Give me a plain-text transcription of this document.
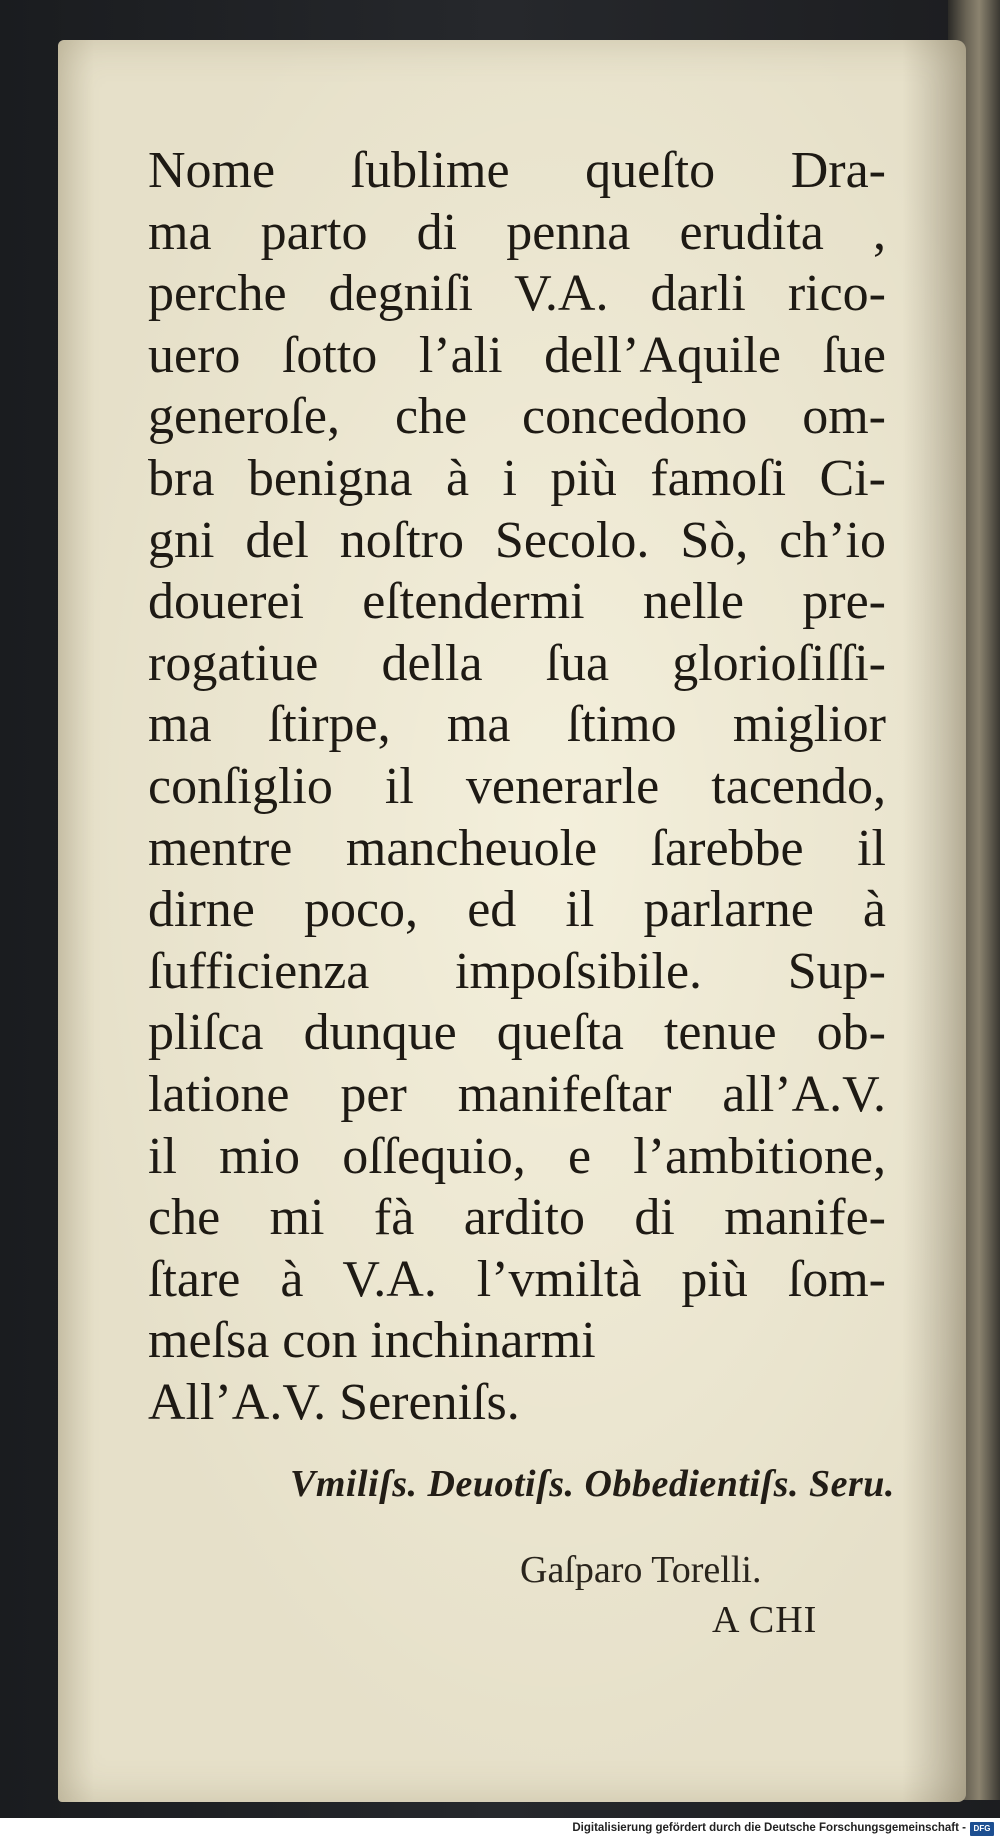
Nome ſublime queſto Dra-
ma parto di penna erudita ,
perche degniſi V.A. darli rico-
uero ſotto l’ali dell’Aquile ſue
generoſe, che concedono om-
bra benigna à i più famoſi Ci-
gni del noſtro Secolo. Sò, ch’io
douerei eſtendermi nelle pre-
rogatiue della ſua glorioſiſſi-
ma ſtirpe, ma ſtimo miglior
conſiglio il venerarle tacendo,
mentre mancheuole ſarebbe il
dirne poco, ed il parlarne à
ſufficienza impoſsibile. Sup-
pliſca dunque queſta tenue ob-
latione per manifeſtar all’A.V.
il mio oſſequio, e l’ambitione,
che mi fà ardito di manife-
ſtare à V.A. l’vmiltà più ſom-
meſsa con inchinarmi
All’A.V. Sereniſs.
Vmiliſs. Deuotiſs. Obbedientiſs. Seru.
Gaſparo Torelli.
A CHI
Digitalisierung gefördert durch die Deutsche Forschungsgemeinschaft - DFG
